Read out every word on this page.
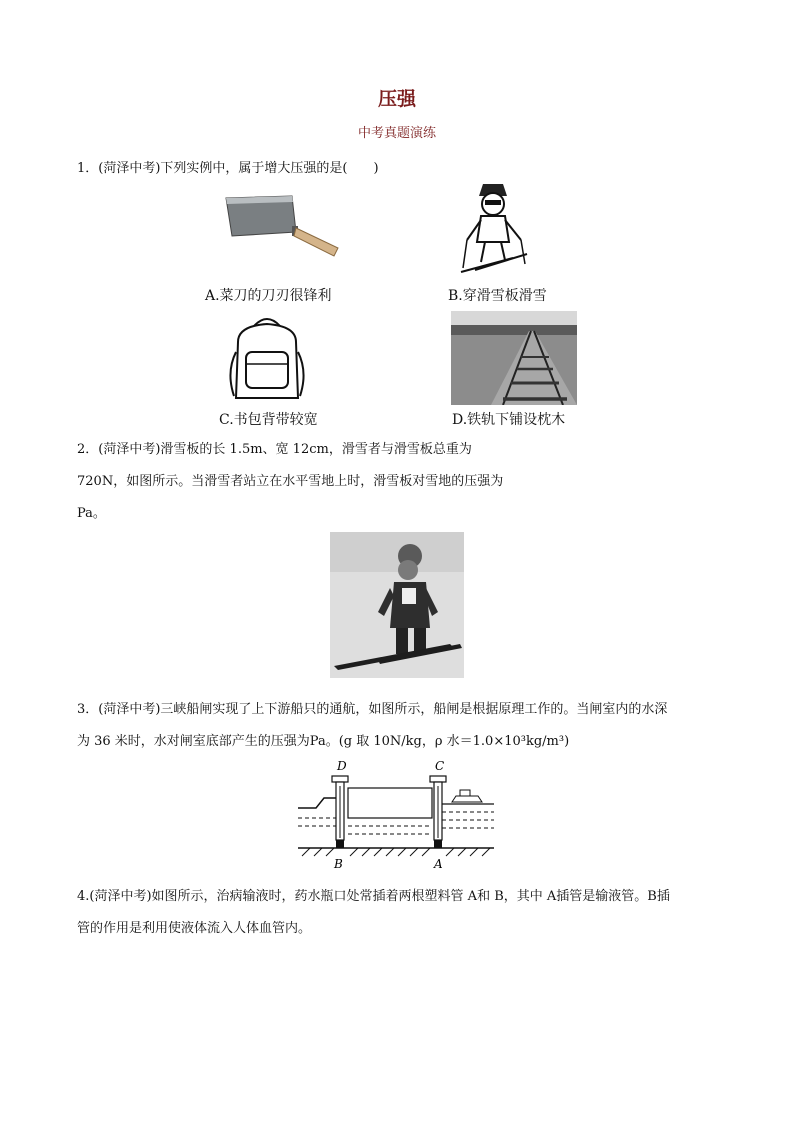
压强
中考真题演练
1．(菏泽中考)下列实例中，属于增大压强的是(　　)
A.菜刀的刀刃很锋利	B.穿滑雪板滑雪
C.书包背带较宽	D.铁轨下铺设枕木
2．(菏泽中考)滑雪板的长 1.5m、宽 12cm，滑雪者与滑雪板总重为
720N，如图所示。当滑雪者站立在水平雪地上时，滑雪板对雪地的压强为
Pa。
3．(菏泽中考)三峡船闸实现了上下游船只的通航，如图所示，船闸是根据原理工作的。当闸室内的水深
为 36 米时，水对闸室底部产生的压强为Pa。(g 取 10N/kg，ρ 水＝1.0×10³kg/m³)
D	C
B	A
4.(菏泽中考)如图所示，治病输液时，药水瓶口处常插着两根塑料管 A和 B，其中 A插管是输液管。B插
管的作用是利用使液体流入人体血管内。
